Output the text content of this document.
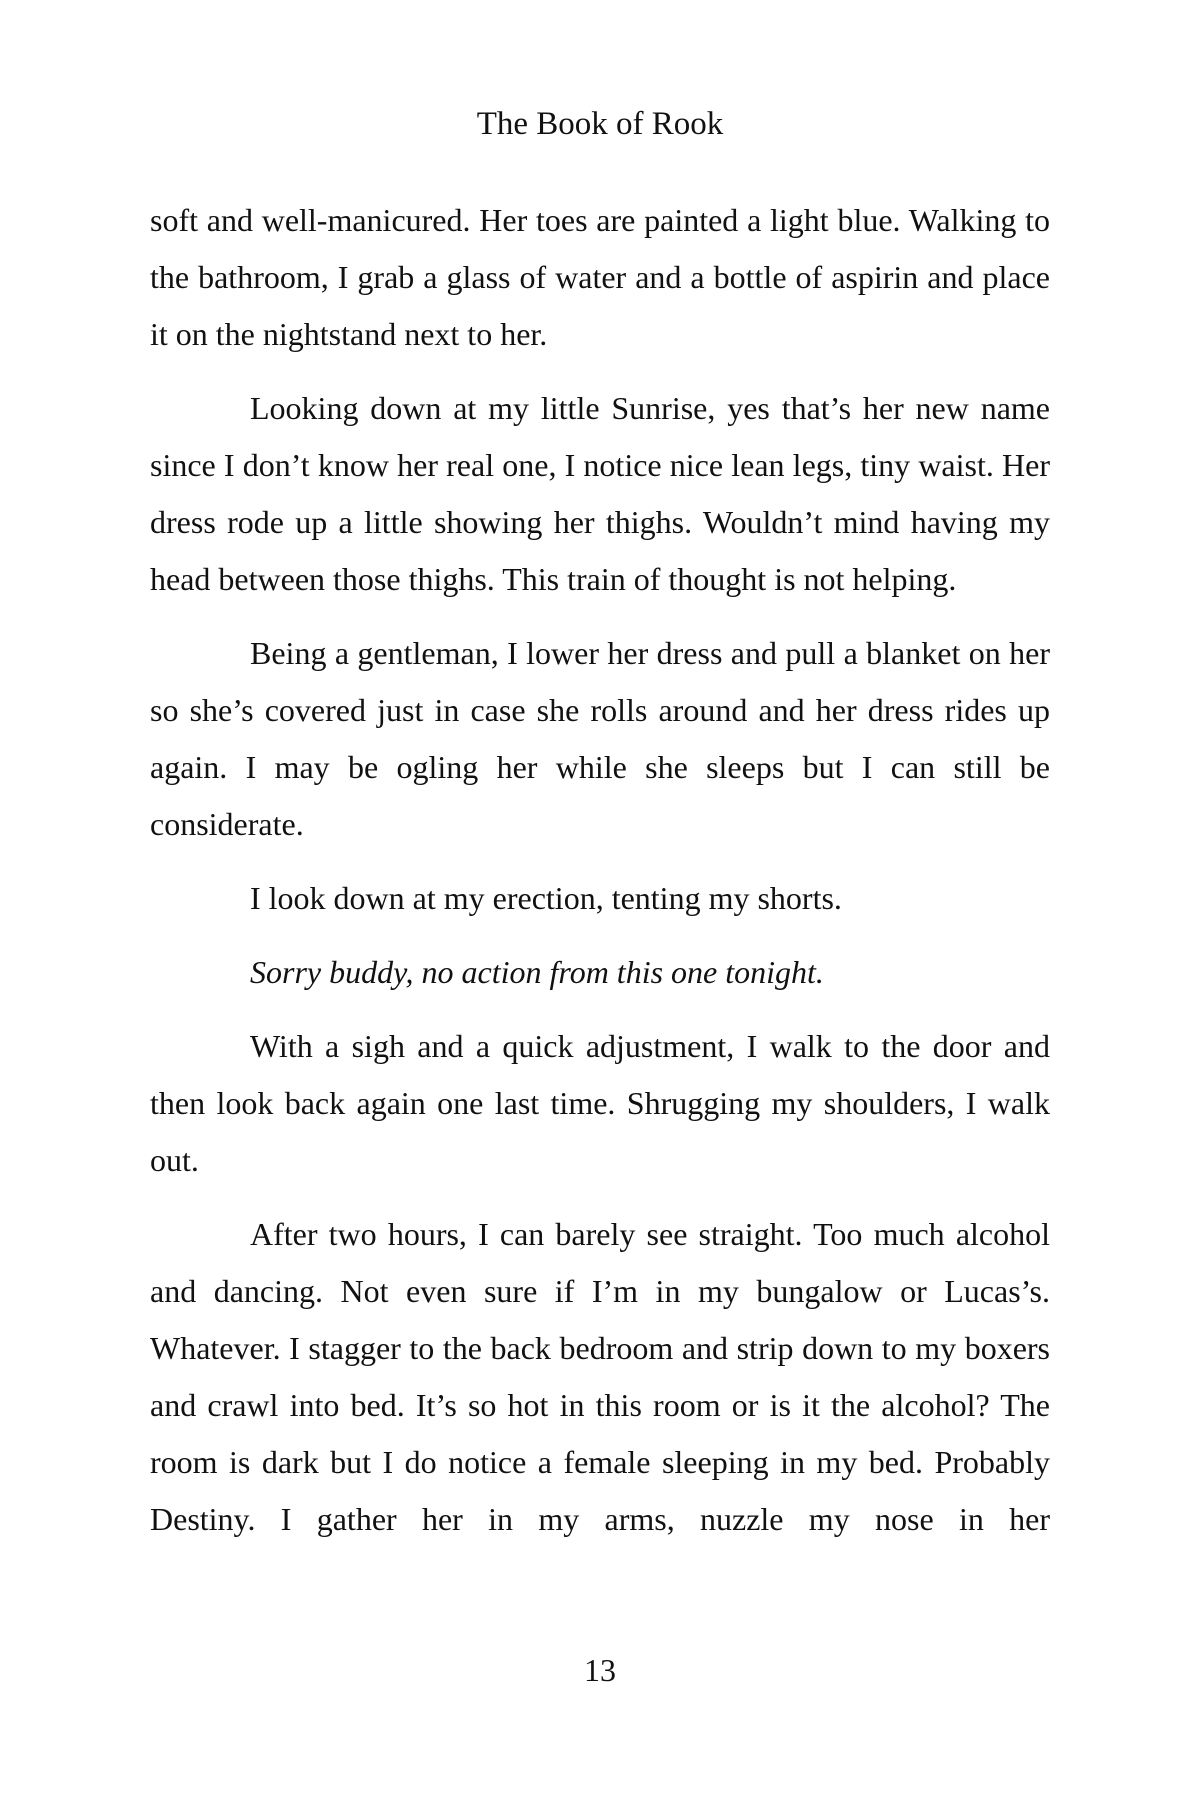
The Book of Rook

soft and well-manicured. Her toes are painted a light blue. Walking to the bathroom, I grab a glass of water and a bottle of aspirin and place it on the nightstand next to her.

Looking down at my little Sunrise, yes that’s her new name since I don’t know her real one, I notice nice lean legs, tiny waist. Her dress rode up a little showing her thighs. Wouldn’t mind having my head between those thighs. This train of thought is not helping.

Being a gentleman, I lower her dress and pull a blanket on her so she’s covered just in case she rolls around and her dress rides up again. I may be ogling her while she sleeps but I can still be considerate.

I look down at my erection, tenting my shorts.

Sorry buddy, no action from this one tonight.

With a sigh and a quick adjustment, I walk to the door and then look back again one last time. Shrugging my shoulders, I walk out.

After two hours, I can barely see straight. Too much alcohol and dancing. Not even sure if I’m in my bungalow or Lucas’s. Whatever. I stagger to the back bedroom and strip down to my boxers and crawl into bed. It’s so hot in this room or is it the alcohol? The room is dark but I do notice a female sleeping in my bed. Probably Destiny. I gather her in my arms, nuzzle my nose in her

13
